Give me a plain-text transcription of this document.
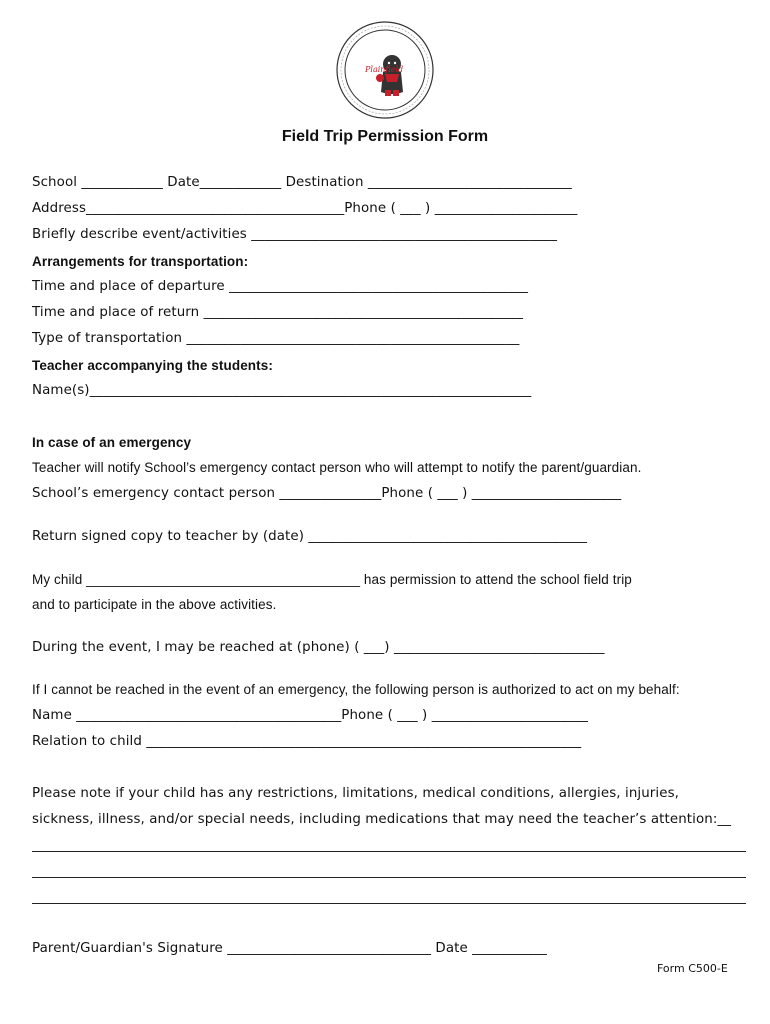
Plainfield
Field Trip Permission Form
School ____________ Date____________ Destination ______________________________
Address______________________________________Phone ( ___ ) _____________________
Briefly describe event/activities _____________________________________________
Arrangements for transportation:
Time and place of departure ____________________________________________
Time and place of return _______________________________________________
Type of transportation _________________________________________________
Teacher accompanying the students:
Name(s)_________________________________________________________________
In case of an emergency
Teacher will notify School’s emergency contact person who will attempt to notify the parent/guardian.
School’s emergency contact person _______________Phone ( ___ ) ______________________
Return signed copy to teacher by (date) _________________________________________
My child ____________________________________ has permission to attend the school field trip
and to participate in the above activities.
During the event, I may be reached at (phone) ( ___) _______________________________
If I cannot be reached in the event of an emergency, the following person is authorized to act on my behalf:
Name _______________________________________Phone ( ___ ) _______________________
Relation to child ________________________________________________________________
Please note if your child has any restrictions, limitations, medical conditions, allergies, injuries,
sickness, illness, and/or special needs, including medications that may need the teacher’s attention:__
Parent/Guardian's Signature ______________________________ Date ___________
Form C500-E
